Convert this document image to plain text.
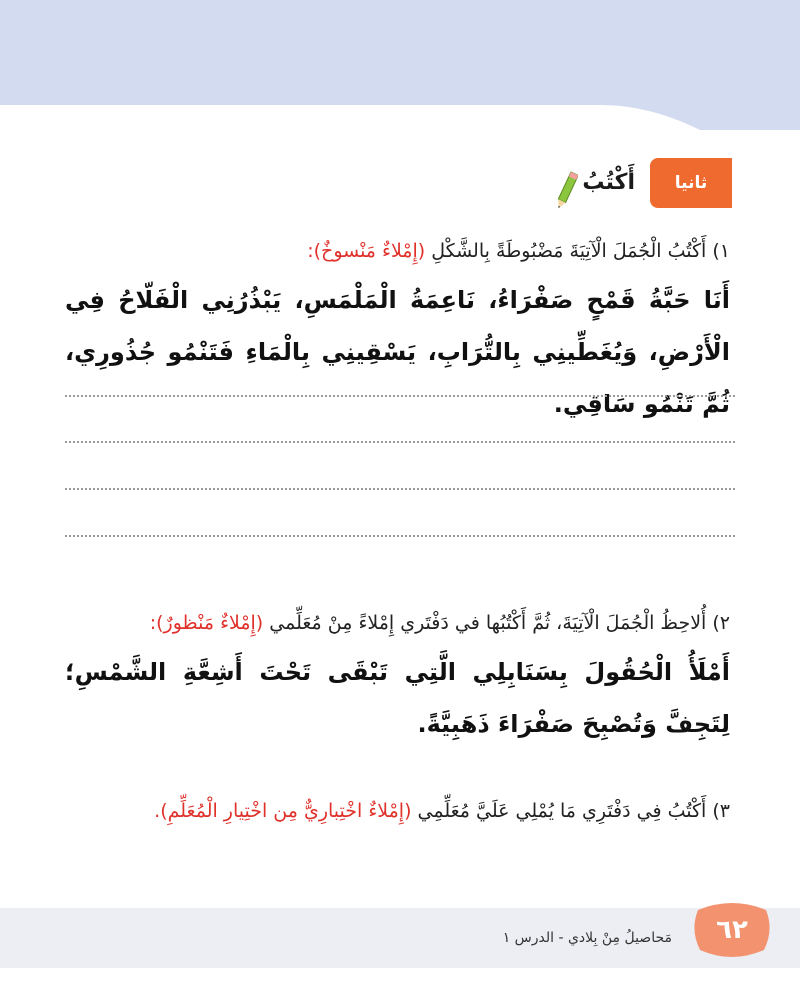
ثانيا
أَكْتُبُ
١) أَكْتُبُ الْجُمَلَ الْآتِيَةَ مَضْبُوطَةً بِالشَّكْلِ (إِمْلاءٌ مَنْسوخٌ):
أَنَا حَبَّةُ قَمْحٍ صَفْرَاءُ، نَاعِمَةُ الْمَلْمَسِ، يَبْذُرُنِي الْفَلّاحُ فِي الْأَرْضِ، وَيُغَطِّينِي بِالتُّرَابِ، يَسْقِينِي بِالْمَاءِ فَتَنْمُو جُذُورِي، ثُمَّ تَنْمُو سَاقِي.
٢) أُلاحِظُ الْجُمَلَ الْآتِيَةَ، ثُمَّ أَكْتُبُها في دَفْتَري إِمْلاءً مِنْ مُعَلِّمي (إِمْلاءٌ مَنْظورٌ):
أَمْلَأُ الْحُقُولَ بِسَنَابِلِي الَّتِي تَبْقَى تَحْتَ أَشِعَّةِ الشَّمْسِ؛ لِتَجِفَّ وَتُصْبِحَ صَفْرَاءَ ذَهَبِيَّةً.
٣) أَكْتُبُ فِي دَفْتَرِي مَا يُمْلِي عَلَيَّ مُعَلِّمِي (إِمْلاءٌ اخْتِبارِيٌّ مِن اخْتِيارِ الْمُعَلِّمِ).
مَحاصيلُ مِنْ بِلادي - الدرس ١ ٦٢
